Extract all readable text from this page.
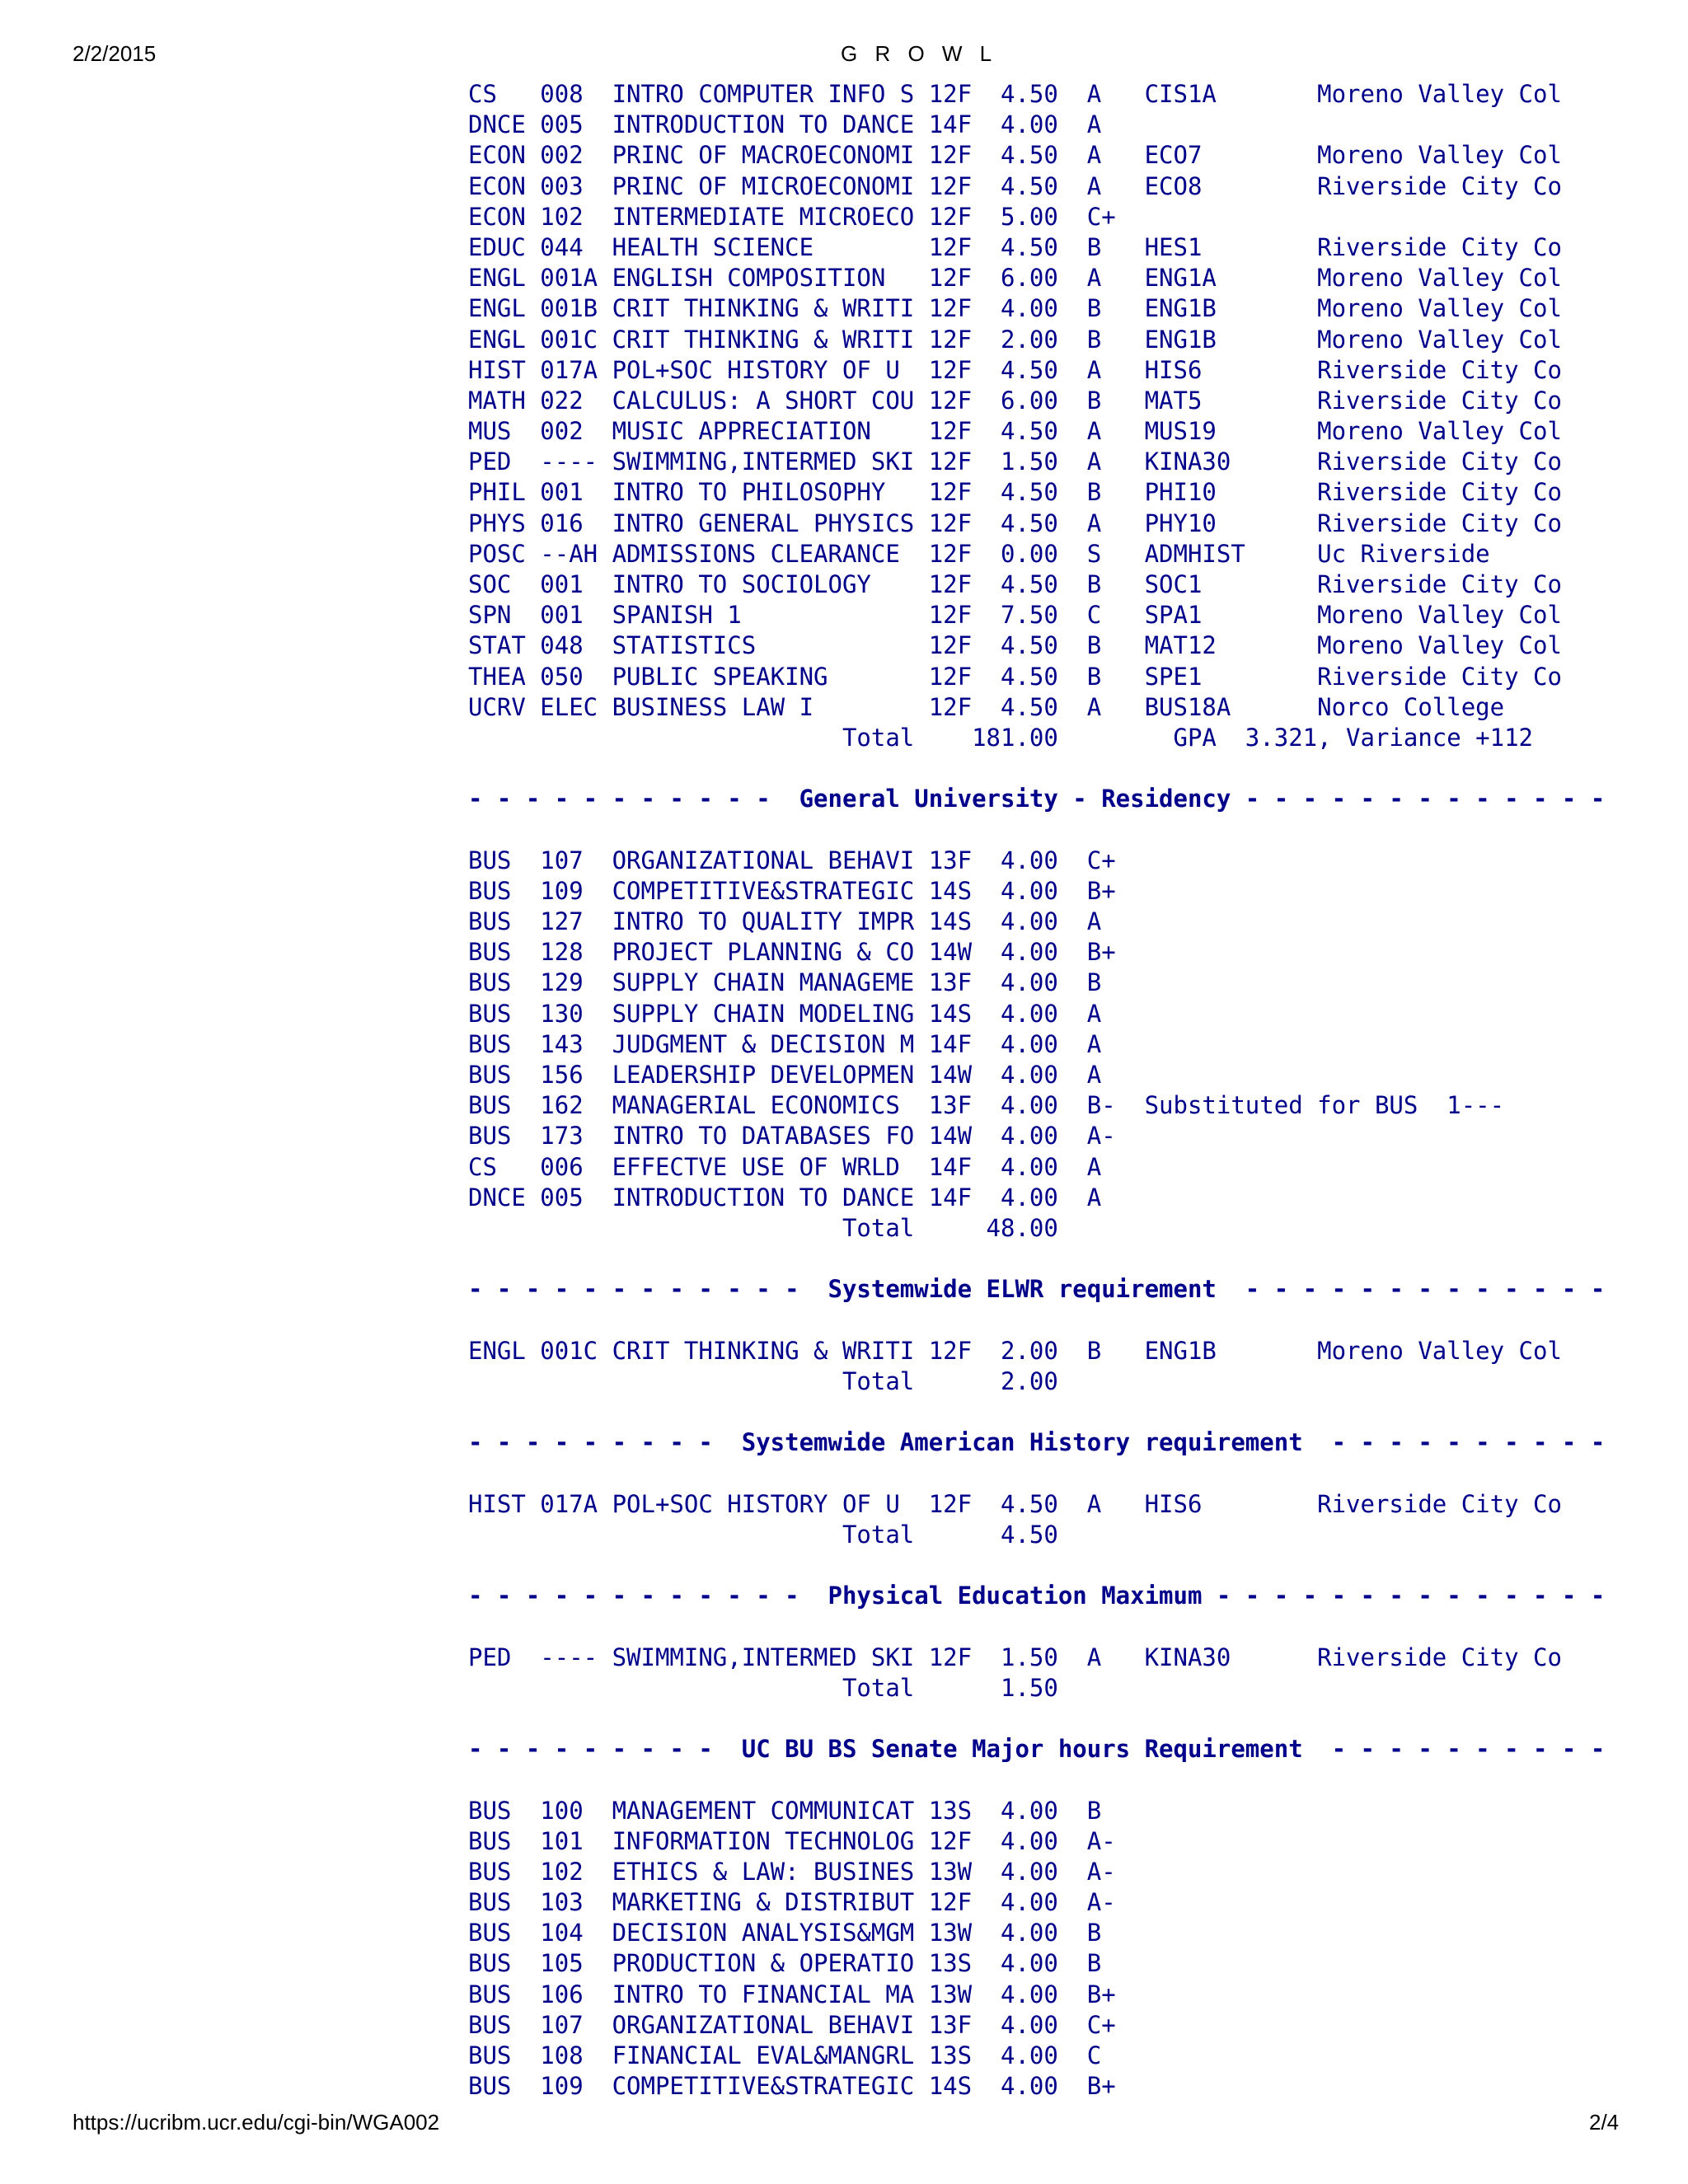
2/2/2015	G R O W L
CS   008  INTRO COMPUTER INFO S 12F  4.50  A   CIS1A       Moreno Valley Col
DNCE 005  INTRODUCTION TO DANCE 14F  4.00  A
ECON 002  PRINC OF MACROECONOMI 12F  4.50  A   ECO7        Moreno Valley Col
ECON 003  PRINC OF MICROECONOMI 12F  4.50  A   ECO8        Riverside City Co
ECON 102  INTERMEDIATE MICROECO 12F  5.00  C+
EDUC 044  HEALTH SCIENCE        12F  4.50  B   HES1        Riverside City Co
ENGL 001A ENGLISH COMPOSITION   12F  6.00  A   ENG1A       Moreno Valley Col
ENGL 001B CRIT THINKING & WRITI 12F  4.00  B   ENG1B       Moreno Valley Col
ENGL 001C CRIT THINKING & WRITI 12F  2.00  B   ENG1B       Moreno Valley Col
HIST 017A POL+SOC HISTORY OF U  12F  4.50  A   HIS6        Riverside City Co
MATH 022  CALCULUS: A SHORT COU 12F  6.00  B   MAT5        Riverside City Co
MUS  002  MUSIC APPRECIATION    12F  4.50  A   MUS19       Moreno Valley Col
PED  ---- SWIMMING,INTERMED SKI 12F  1.50  A   KINA30      Riverside City Co
PHIL 001  INTRO TO PHILOSOPHY   12F  4.50  B   PHI10       Riverside City Co
PHYS 016  INTRO GENERAL PHYSICS 12F  4.50  A   PHY10       Riverside City Co
POSC --AH ADMISSIONS CLEARANCE  12F  0.00  S   ADMHIST     Uc Riverside
SOC  001  INTRO TO SOCIOLOGY    12F  4.50  B   SOC1        Riverside City Co
SPN  001  SPANISH 1             12F  7.50  C   SPA1        Moreno Valley Col
STAT 048  STATISTICS            12F  4.50  B   MAT12       Moreno Valley Col
THEA 050  PUBLIC SPEAKING       12F  4.50  B   SPE1        Riverside City Co
UCRV ELEC BUSINESS LAW I        12F  4.50  A   BUS18A      Norco College
Total    181.00        GPA  3.321, Variance +112
- - - - - - - - - - -  General University - Residency - - - - - - - - - - - - -
BUS  107  ORGANIZATIONAL BEHAVI 13F  4.00  C+
BUS  109  COMPETITIVE&STRATEGIC 14S  4.00  B+
BUS  127  INTRO TO QUALITY IMPR 14S  4.00  A
BUS  128  PROJECT PLANNING & CO 14W  4.00  B+
BUS  129  SUPPLY CHAIN MANAGEME 13F  4.00  B
BUS  130  SUPPLY CHAIN MODELING 14S  4.00  A
BUS  143  JUDGMENT & DECISION M 14F  4.00  A
BUS  156  LEADERSHIP DEVELOPMEN 14W  4.00  A
BUS  162  MANAGERIAL ECONOMICS  13F  4.00  B-  Substituted for BUS  1---
BUS  173  INTRO TO DATABASES FO 14W  4.00  A-
CS   006  EFFECTVE USE OF WRLD  14F  4.00  A
DNCE 005  INTRODUCTION TO DANCE 14F  4.00  A
Total     48.00
- - - - - - - - - - - -  Systemwide ELWR requirement  - - - - - - - - - - - - -
ENGL 001C CRIT THINKING & WRITI 12F  2.00  B   ENG1B       Moreno Valley Col
Total      2.00
- - - - - - - - -  Systemwide American History requirement  - - - - - - - - - -
HIST 017A POL+SOC HISTORY OF U  12F  4.50  A   HIS6        Riverside City Co
Total      4.50
- - - - - - - - - - - -  Physical Education Maximum - - - - - - - - - - - - - -
PED  ---- SWIMMING,INTERMED SKI 12F  1.50  A   KINA30      Riverside City Co
Total      1.50
- - - - - - - - -  UC BU BS Senate Major hours Requirement  - - - - - - - - - -
BUS  100  MANAGEMENT COMMUNICAT 13S  4.00  B
BUS  101  INFORMATION TECHNOLOG 12F  4.00  A-
BUS  102  ETHICS & LAW: BUSINES 13W  4.00  A-
BUS  103  MARKETING & DISTRIBUT 12F  4.00  A-
BUS  104  DECISION ANALYSIS&MGM 13W  4.00  B
BUS  105  PRODUCTION & OPERATIO 13S  4.00  B
BUS  106  INTRO TO FINANCIAL MA 13W  4.00  B+
BUS  107  ORGANIZATIONAL BEHAVI 13F  4.00  C+
BUS  108  FINANCIAL EVAL&MANGRL 13S  4.00  C
BUS  109  COMPETITIVE&STRATEGIC 14S  4.00  B+
https://ucribm.ucr.edu/cgi-bin/WGA002	2/4
